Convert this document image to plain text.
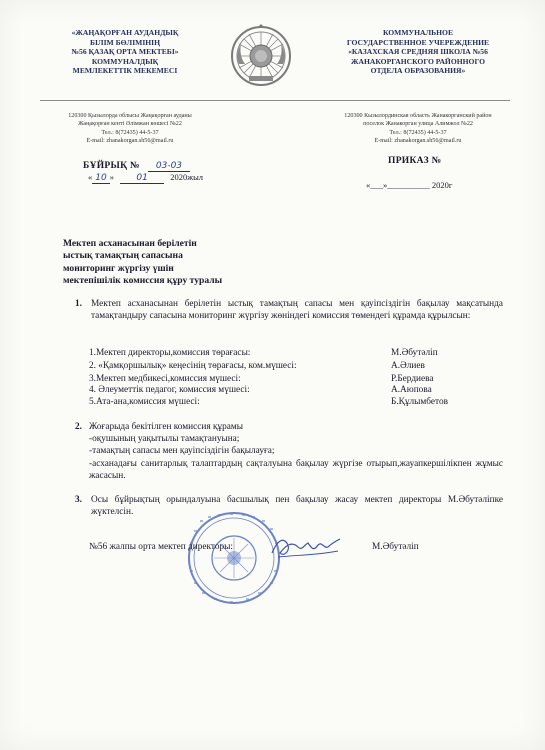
«ЖАҢАҚОРҒАН АУДАНДЫҚ
БІЛІМ БӨЛІМІНІҢ
№56 ҚАЗАҚ ОРТА МЕКТЕБІ»
КОММУНАЛДЫҚ
МЕМЛЕКЕТТІК МЕКЕМЕСІ
КОММУНАЛЬНОЕ
ГОСУДАРСТВЕННОЕ УЧЕРЕЖДЕНИЕ
«КАЗАХСКАЯ СРЕДНЯЯ ШКОЛА №56
ЖАНАКОРГАНСКОГО РАЙОННОГО
ОТДЕЛА ОБРАЗОВАНИЯ»
120300 Қызылорда облысы Жаңақорған ауданы
Жаңақорған кенті Әлімжан көшесі №22
Тел.: 8(72435) 44-5-37
E-mail: zhanakorgan.sh56@mail.ru
120300 Кызылординская область Жанакорганский район
поселок Жанакорган улица Алимжол №22
Тел.: 8(72435) 44-5-37
E-mail: zhanakorgan.sh56@mail.ru
БҰЙРЫҚ № 03-03
« 10 » 01	2020жыл
ПРИКАЗ №
«___»__________ 2020г
Мектеп асханасынан берілетін
ыстық тамақтың сапасына
мониторинг жүргізу үшін
мектепішілік комиссия құру туралы
1. Мектеп асханасынан берілетін ыстық тамақтың сапасы мен қауіпсіздігін бақылау мақсатында тамақтандыру сапасына мониторинг жүргізу жөніндегі комиссия төмендегі құрамда құрылсын:
1.Мектеп директоры,комиссия төрағасы:	М.Әбутәліп
2. «Қамқоршылық» кеңесінің төрағасы, ком.мүшесі:	А.Әлиев
3.Мектеп медбикесі,комиссия мүшесі:	Р.Бердиева
4. Әлеуметтік педагог, комиссия мүшесі:	А.Аюпова
5.Ата-ана,комиссия мүшесі:	Б.Құлымбетов
2. Жоғарыда бекітілген комиссия құрамы
-оқушының уақытылы тамақтануына;
-тамақтың сапасы мен қауіпсіздігін бақылауға;
-асханадағы санитарлық талаптардың сақталуына бақылау жүргізе отырып,жауапкершілікпен жұмыс жасасын.
3. Осы бұйрықтың орындалуына басшылық пен бақылау жасау мектеп директоры М.Әбутәліпке жүктелсін.
№56 жалпы орта мектеп директоры:	М.Әбутәліп
